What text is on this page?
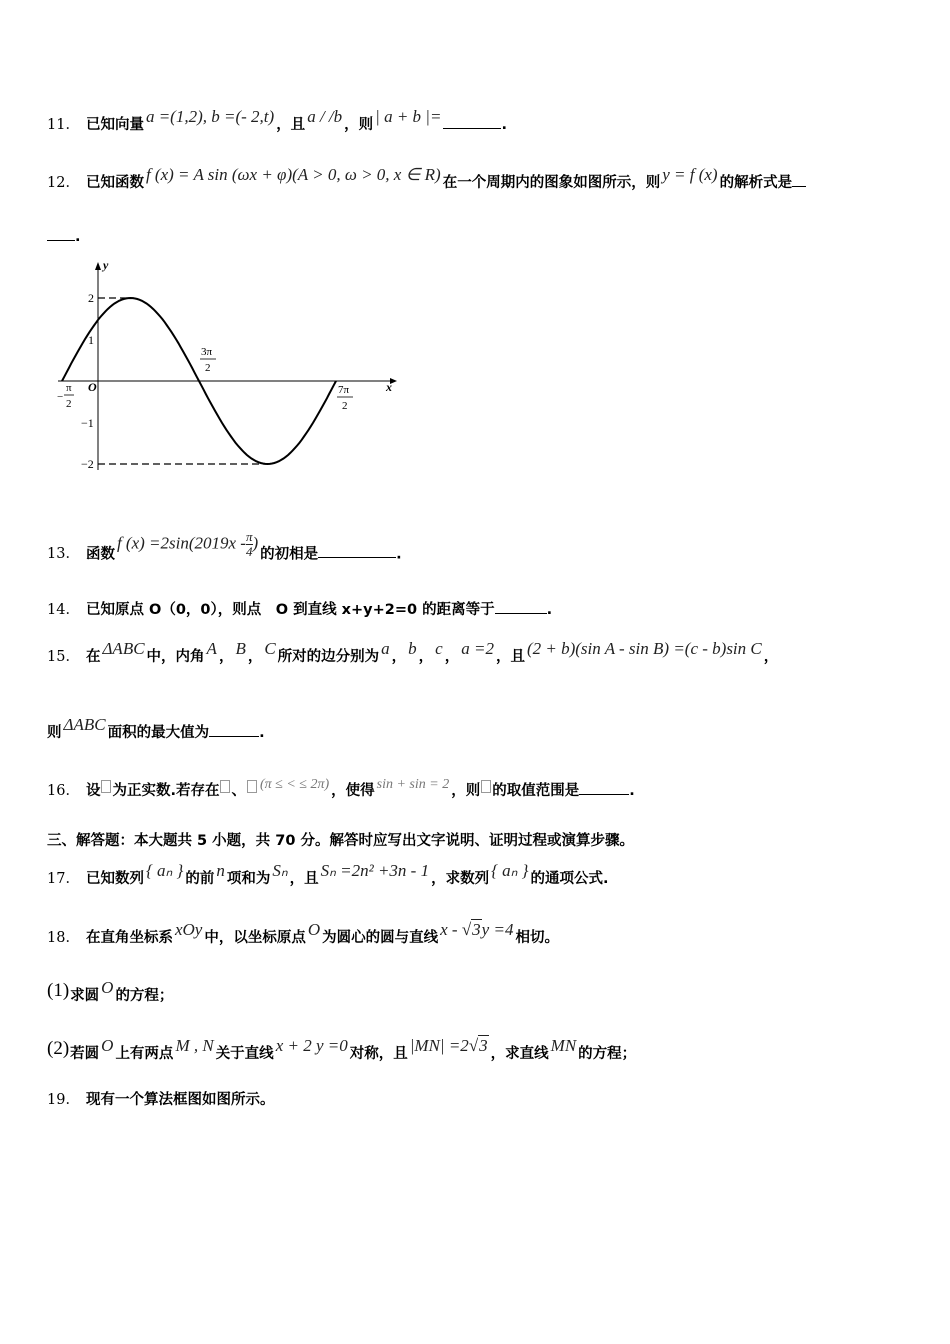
11． 已知向量 a =(1,2), b =(- 2,t) ，且 a / /b ，则 | a + b |=	.
12． 已知函数 f (x) = A sin (ωx + φ)(A > 0, ω > 0, x ∈ R) 在一个周期内的图象如图所示，则 y = f (x) 的解析式是
.
y
x
O
2
1
−1
−2
−
π
2
3π
2
7π
2
13． 函数f $(x) =2\sin(2019x - \frac{\pi}{4}$ )的初相是	.
14． 已知原点 O（0，0），则点　O 到直线 x+y+2=0 的距离等于	.
15． 在 ΔABC 中，内角 A ， B ， C 所对的边分别为 a ， b ， c ， a =2 ，且 (2 + b)(sin A - sin B) =(c - b)sin C ，
则 ΔABC 面积的最大值为	.
16． 设 为正实数.若存在 、 (π ≤ < ≤ 2π) ，使得 sin + sin = 2 ，则 的取值范围是	.
三、解答题：本大题共 5 小题，共 70 分。解答时应写出文字说明、证明过程或演算步骤。
17． 已知数列 { aₙ } 的前 n 项和为 Sₙ ，且 Sₙ =2n² +3n - 1 ，求数列 { aₙ } 的通项公式.
18． 在直角坐标系 xOy 中，以坐标原点 O 为圆心的圆与直线 x - √3y =4 相切。
(1)求圆 O 的方程；
(2)若圆 O 上有两点 M , N 关于直线 x + 2 y =0 对称，且 |MN| =2√3 ，求直线 MN 的方程；
19． 现有一个算法框图如图所示。
